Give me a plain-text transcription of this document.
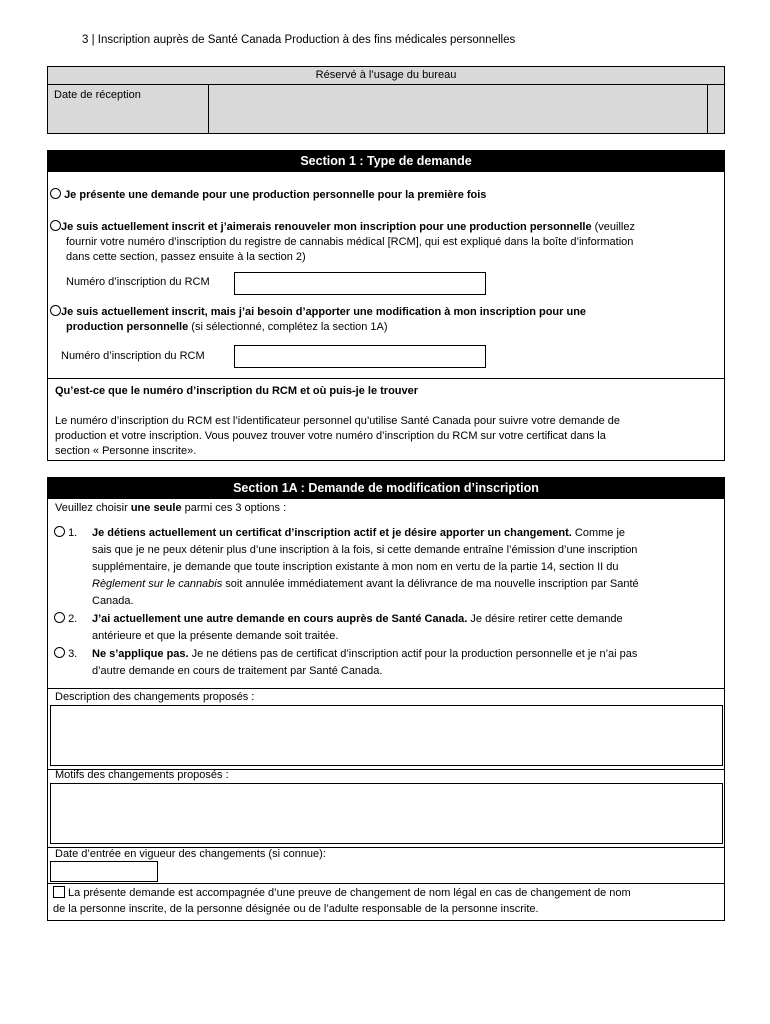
3 | Inscription auprès de Santé Canada Production à des fins médicales personnelles
Réservé à l’usage du bureau
Date de réception
Section 1 : Type de demande
Je présente une demande pour une production personnelle pour la première fois
Je suis actuellement inscrit et j’aimerais renouveler mon inscription pour une production personnelle (veuillez
fournir votre numéro d’inscription du registre de cannabis médical [RCM], qui est expliqué dans la boîte d’information
dans cette section, passez ensuite à la section 2)
Numéro d’inscription du RCM
Je suis actuellement inscrit, mais j’ai besoin d’apporter une modification à mon inscription pour une
production personnelle (si sélectionné, complétez la section 1A)
Numéro d’inscription du RCM
Qu’est-ce que le numéro d’inscription du RCM et où puis-je le trouver
Le numéro d’inscription du RCM est l’identificateur personnel qu’utilise Santé Canada pour suivre votre demande de
production et votre inscription. Vous pouvez trouver votre numéro d’inscription du RCM sur votre certificat dans la
section « Personne inscrite».
Section 1A : Demande de modification d’inscription
Veuillez choisir une seule parmi ces 3 options :
1.	Je détiens actuellement un certificat d’inscription actif et je désire apporter un changement. Comme je
sais que je ne peux détenir plus d’une inscription à la fois, si cette demande entraîne l’émission d’une inscription
supplémentaire, je demande que toute inscription existante à mon nom en vertu de la partie 14, section II du
Règlement sur le cannabis soit annulée immédiatement avant la délivrance de ma nouvelle inscription par Santé
Canada.
2.	J’ai actuellement une autre demande en cours auprès de Santé Canada. Je désire retirer cette demande
antérieure et que la présente demande soit traitée.
3.	Ne s’applique pas. Je ne détiens pas de certificat d’inscription actif pour la production personnelle et je n’ai pas
d’autre demande en cours de traitement par Santé Canada.
Description des changements proposés :
Motifs des changements proposés :
Date d’entrée en vigueur des changements (si connue):
La présente demande est accompagnée d’une preuve de changement de nom légal en cas de changement de nom
de la personne inscrite, de la personne désignée ou de l’adulte responsable de la personne inscrite.
